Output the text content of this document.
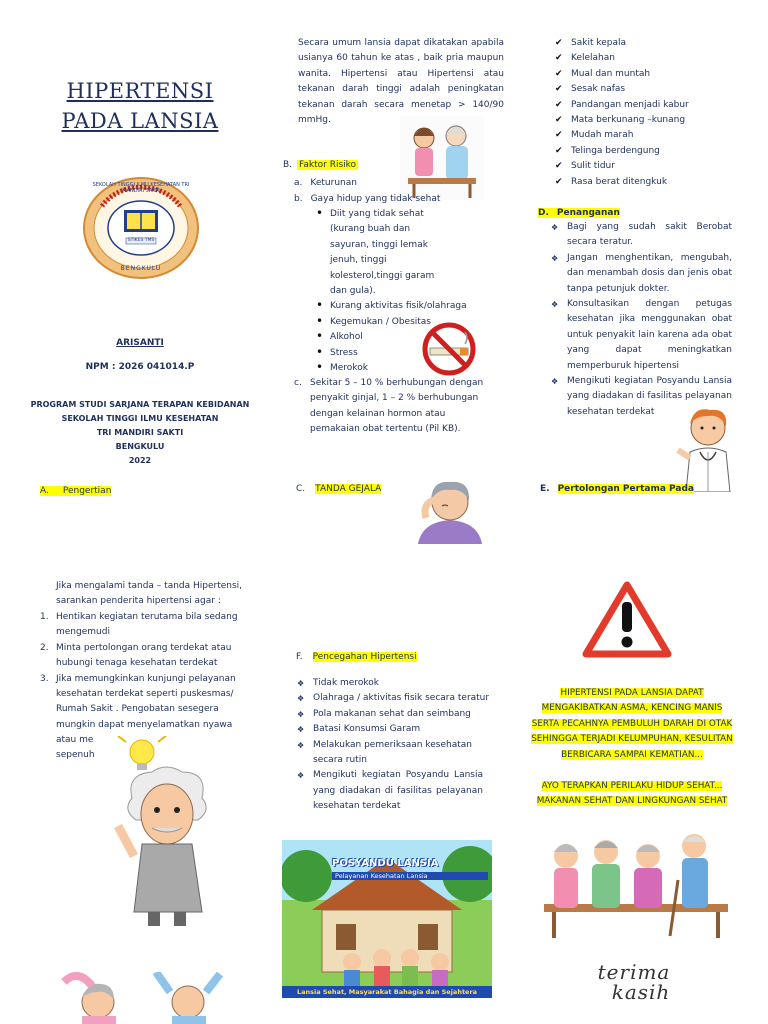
HIPERTENSI
PADA LANSIA
SEKOLAH TINGGI ILMU KESEHATAN TRI MANDIRI SAKTI
STIKES TMS
BENGKULU
ARISANTI
NPM : 2026 041014.P
PROGRAM STUDI SARJANA TERAPAN KEBIDANAN
SEKOLAH TINGGI ILMU KESEHATAN
TRI MANDIRI SAKTI
BENGKULU
2022
A. Pengertian
Secara umum lansia dapat dikatakan apabila usianya 60 tahun ke atas , baik pria maupun wanita. Hipertensi atau Hipertensi atau tekanan darah tinggi adalah peningkatan tekanan darah secara menetap > 140/90 mmHg.
B. Faktor Risiko
a. Keturunan
b. Gaya hidup yang tidak sehat
• Diit yang tidak sehat (kurang buah dan sayuran, tinggi lemak jenuh, tinggi kolesterol,tinggi garam dan gula).
• Kurang aktivitas fisik/olahraga
• Kegemukan / Obesitas
• Alkohol
• Stress
• Merokok
c. Sekitar 5 – 10 % berhubungan dengan penyakit ginjal, 1 – 2 % berhubungan dengan kelainan hormon atau pemakaian obat tertentu (Pil KB).
C. TANDA GEJALA
✔ Sakit kepala
✔ Kelelahan
✔ Mual dan muntah
✔ Sesak nafas
✔ Pandangan menjadi kabur
✔ Mata berkunang –kunang
✔ Mudah marah
✔ Telinga berdengung
✔ Sulit tidur
✔ Rasa berat ditengkuk
D. Penanganan
❖ Bagi yang sudah sakit Berobat secara teratur.
❖ Jangan menghentikan, mengubah, dan menambah dosis dan jenis obat tanpa petunjuk dokter.
❖ Konsultasikan dengan petugas kesehatan jika menggunakan obat untuk penyakit lain karena ada obat yang dapat meningkatkan memperburuk hipertensi
❖ Mengikuti kegiatan Posyandu Lansia yang diadakan di fasilitas pelayanan kesehatan terdekat
E. Pertolongan Pertama Pada
Jika mengalami tanda – tanda Hipertensi, sarankan penderita hipertensi agar :
1. Hentikan kegiatan terutama bila sedang mengemudi
2. Minta pertolongan orang terdekat atau hubungi tenaga kesehatan terdekat
3. Jika memungkinkan kunjungi pelayanan kesehatan terdekat seperti puskesmas/ Rumah Sakit . Pengobatan sesegera mungkin dapat menyelamatkan nyawa
atau me
sepenuh
F. Pencegahan Hipertensi
❖ Tidak merokok
❖ Olahraga / aktivitas fisik secara teratur
❖ Pola makanan sehat dan seimbang
❖ Batasi Konsumsi Garam
❖ Melakukan pemeriksaan kesehatan secara rutin
❖ Mengikuti kegiatan Posyandu Lansia yang diadakan di fasilitas pelayanan kesehatan terdekat
POSYANDU LANSIA
Pelayanan Kesehatan Lansia
Lansia Sehat, Masyarakat Bahagia dan Sejahtera
HIPERTENSI PADA LANSIA DAPAT
MENGAKIBATKAN ASMA, KENCING MANIS
SERTA PECAHNYA PEMBULUH DARAH DI OTAK
SEHINGGA TERJADI KELUMPUHAN, KESULITAN
BERBICARA SAMPAI KEMATIAN...
AYO TERAPKAN PERILAKU HIDUP SEHAT...
MAKANAN SEHAT DAN LINGKUNGAN SEHAT
terima
kasih
